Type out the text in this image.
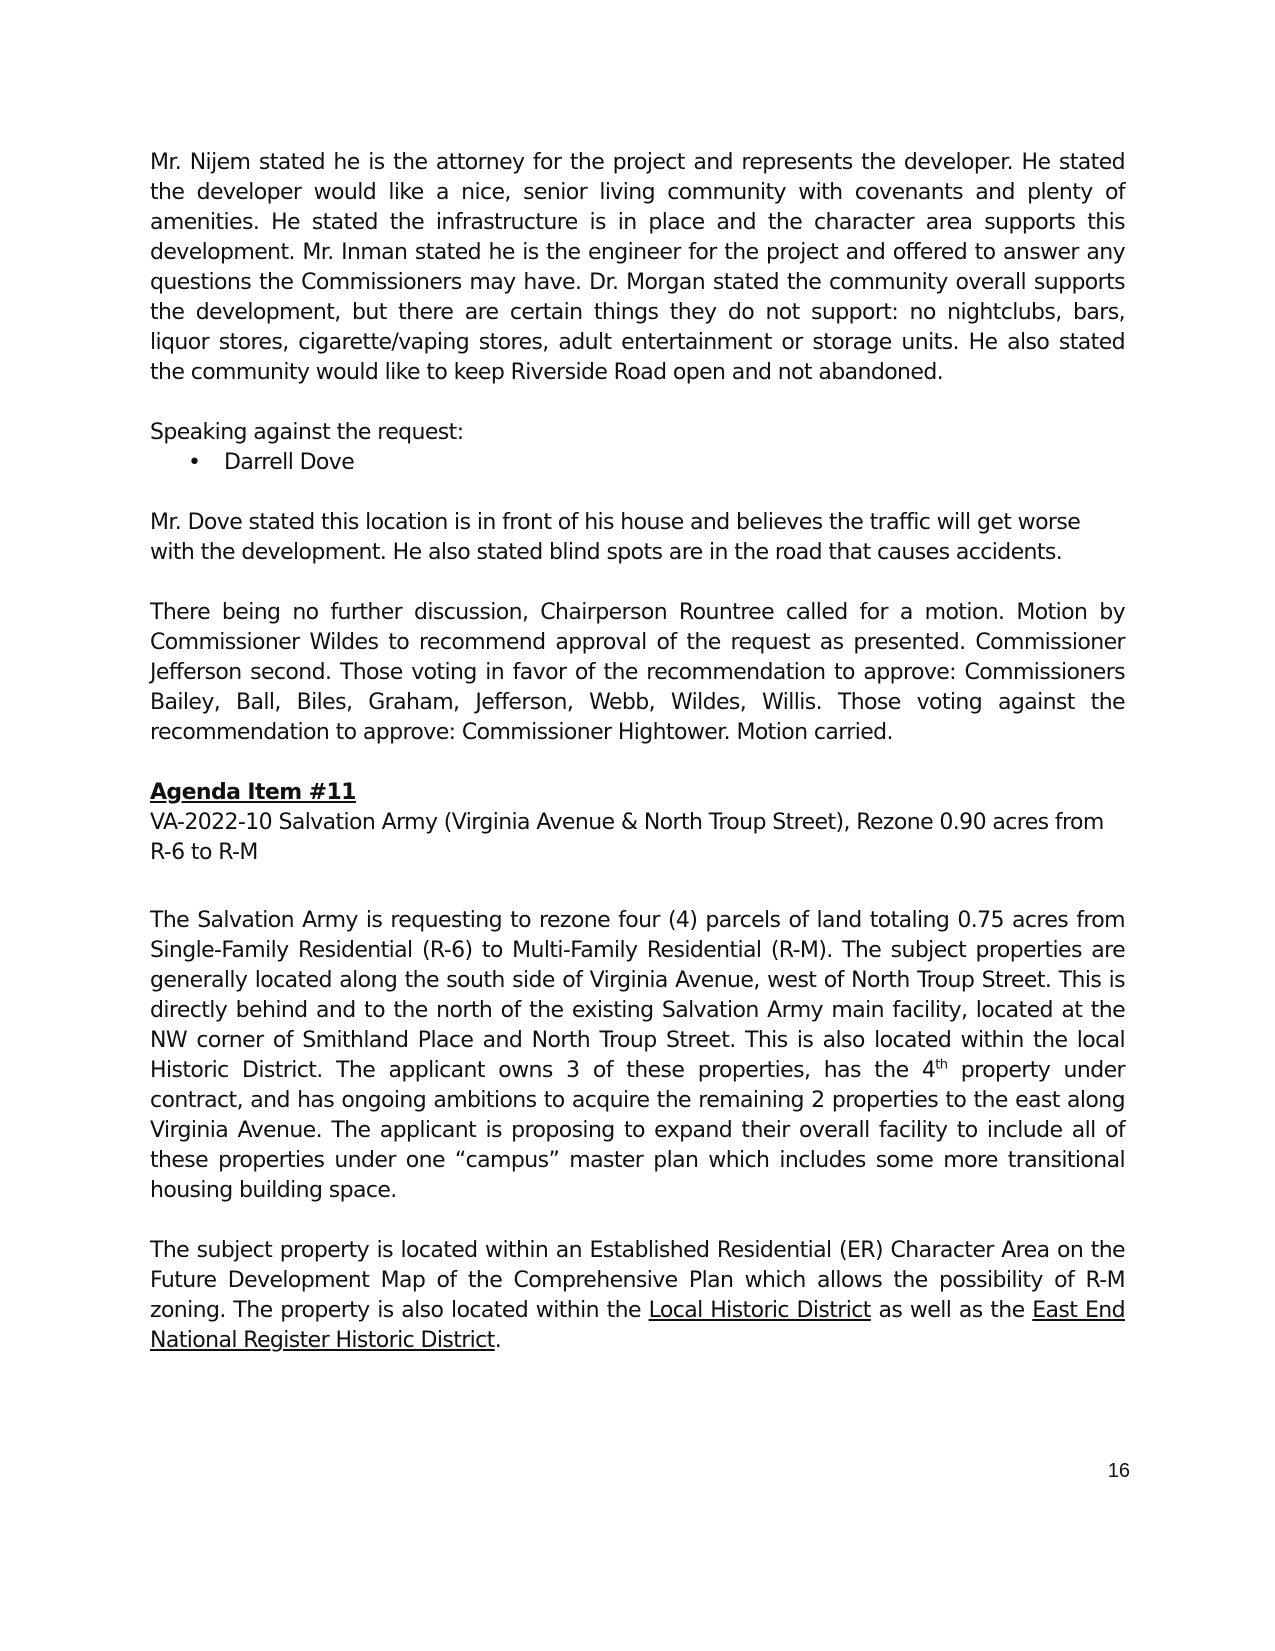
Mr. Nijem stated he is the attorney for the project and represents the developer. He stated the developer would like a nice, senior living community with covenants and plenty of amenities. He stated the infrastructure is in place and the character area supports this development. Mr. Inman stated he is the engineer for the project and offered to answer any questions the Commissioners may have. Dr. Morgan stated the community overall supports the development, but there are certain things they do not support: no nightclubs, bars, liquor stores, cigarette/vaping stores, adult entertainment or storage units. He also stated the community would like to keep Riverside Road open and not abandoned.

Speaking against the request:

• Darrell Dove

Mr. Dove stated this location is in front of his house and believes the traffic will get worse with the development. He also stated blind spots are in the road that causes accidents.

There being no further discussion, Chairperson Rountree called for a motion. Motion by Commissioner Wildes to recommend approval of the request as presented. Commissioner Jefferson second. Those voting in favor of the recommendation to approve: Commissioners Bailey, Ball, Biles, Graham, Jefferson, Webb, Wildes, Willis. Those voting against the recommendation to approve: Commissioner Hightower. Motion carried.

Agenda Item #11

VA-2022-10 Salvation Army (Virginia Avenue & North Troup Street), Rezone 0.90 acres from R-6 to R-M

The Salvation Army is requesting to rezone four (4) parcels of land totaling 0.75 acres from Single-Family Residential (R-6) to Multi-Family Residential (R-M). The subject properties are generally located along the south side of Virginia Avenue, west of North Troup Street. This is directly behind and to the north of the existing Salvation Army main facility, located at the NW corner of Smithland Place and North Troup Street. This is also located within the local Historic District. The applicant owns 3 of these properties, has the 4th property under contract, and has ongoing ambitions to acquire the remaining 2 properties to the east along Virginia Avenue. The applicant is proposing to expand their overall facility to include all of these properties under one “campus” master plan which includes some more transitional housing building space.

The subject property is located within an Established Residential (ER) Character Area on the Future Development Map of the Comprehensive Plan which allows the possibility of R-M zoning. The property is also located within the Local Historic District as well as the East End National Register Historic District.

16
